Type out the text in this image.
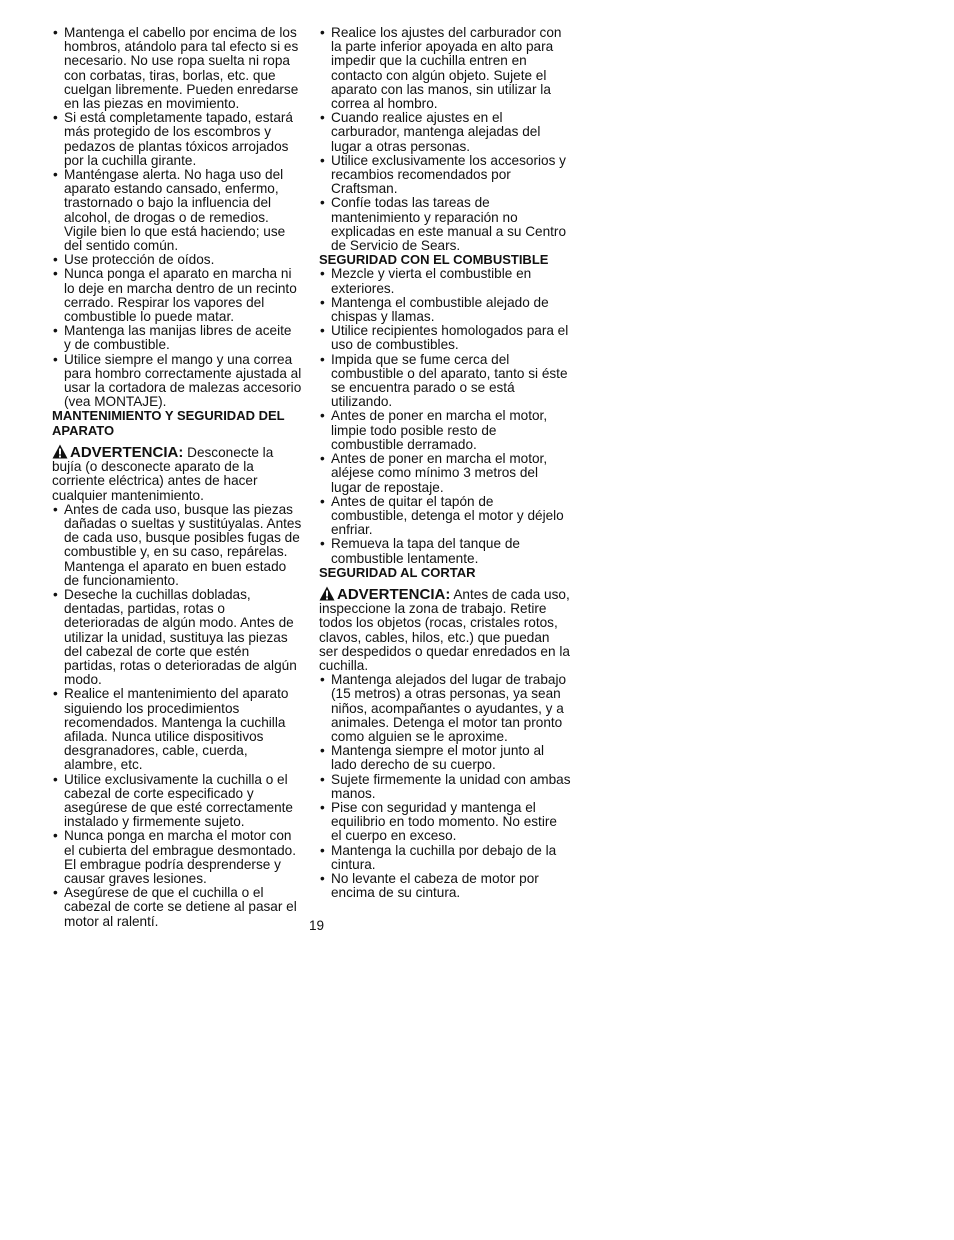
• Mantenga el cabello por encima de los hombros, atándolo para tal efecto si es necesario. No use ropa suelta ni ropa con corbatas, tiras, borlas, etc. que cuelgan libremente. Pueden enredarse en las piezas en movimiento.
• Si está completamente tapado, estará más protegido de los escombros y pedazos de plantas tóxicos arrojados por la cuchilla girante.
• Manténgase alerta. No haga uso del aparato estando cansado, enfermo, trastornado o bajo la influencia del alcohol, de drogas o de remedios. Vigile bien lo que está haciendo; use del sentido común.
• Use protección de oídos.
• Nunca ponga el aparato en marcha ni lo deje en marcha dentro de un recinto cerrado. Respirar los vapores del combustible lo puede matar.
• Mantenga las manijas libres de aceite y de combustible.
• Utilice siempre el mango y una correa para hombro correctamente ajustada al usar la cortadora de malezas accesorio (vea MONTAJE).
MANTENIMIENTO Y SEGURIDAD DEL APARATO
ADVERTENCIA: Desconecte la bujía (o desconecte aparato de la corriente eléctrica) antes de hacer cualquier mantenimiento.
• Antes de cada uso, busque las piezas dañadas o sueltas y sustitúyalas. Antes de cada uso, busque posibles fugas de combustible y, en su caso, repárelas. Mantenga el aparato en buen estado de funcionamiento.
• Deseche la cuchillas dobladas, dentadas, partidas, rotas o deterioradas de algún modo. Antes de utilizar la unidad, sustituya las piezas del cabezal de corte que estén partidas, rotas o deterioradas de algún modo.
• Realice el mantenimiento del aparato siguiendo los procedimientos recomendados. Mantenga la cuchilla afilada. Nunca utilice dispositivos desgranadores, cable, cuerda, alambre, etc.
• Utilice exclusivamente la cuchilla o el cabezal de corte especificado y asegúrese de que esté correctamente instalado y firmemente sujeto.
• Nunca ponga en marcha el motor con el cubierta del embrague desmontado. El embrague podría desprenderse y causar graves lesiones.
• Asegúrese de que el cuchilla o el cabezal de corte se detiene al pasar el motor al ralentí.
• Realice los ajustes del carburador con la parte inferior apoyada en alto para impedir que la cuchilla entren en contacto con algún objeto. Sujete el aparato con las manos, sin utilizar la correa al hombro.
• Cuando realice ajustes en el carburador, mantenga alejadas del lugar a otras personas.
• Utilice exclusivamente los accesorios y recambios recomendados por Craftsman.
• Confíe todas las tareas de mantenimiento y reparación no explicadas en este manual a su Centro de Servicio de Sears.
SEGURIDAD CON EL COMBUSTIBLE
• Mezcle y vierta el combustible en exteriores.
• Mantenga el combustible alejado de chispas y llamas.
• Utilice recipientes homologados para el uso de combustibles.
• Impida que se fume cerca del combustible o del aparato, tanto si éste se encuentra parado o se está utilizando.
• Antes de poner en marcha el motor, limpie todo posible resto de combustible derramado.
• Antes de poner en marcha el motor, aléjese como mínimo 3 metros del lugar de repostaje.
• Antes de quitar el tapón de combustible, detenga el motor y déjelo enfriar.
• Remueva la tapa del tanque de combustible lentamente.
SEGURIDAD AL CORTAR
ADVERTENCIA: Antes de cada uso, inspeccione la zona de trabajo. Retire todos los objetos (rocas, cristales rotos, clavos, cables, hilos, etc.) que puedan ser despedidos o quedar enredados en la cuchilla.
• Mantenga alejados del lugar de trabajo (15 metros) a otras personas, ya sean niños, acompañantes o ayudantes, y a animales. Detenga el motor tan pronto como alguien se le aproxime.
• Mantenga siempre el motor junto al lado derecho de su cuerpo.
• Sujete firmemente la unidad con ambas manos.
• Pise con seguridad y mantenga el equilibrio en todo momento. No estire el cuerpo en exceso.
• Mantenga la cuchilla por debajo de la cintura.
• No levante el cabeza de motor por encima de su cintura.
19
